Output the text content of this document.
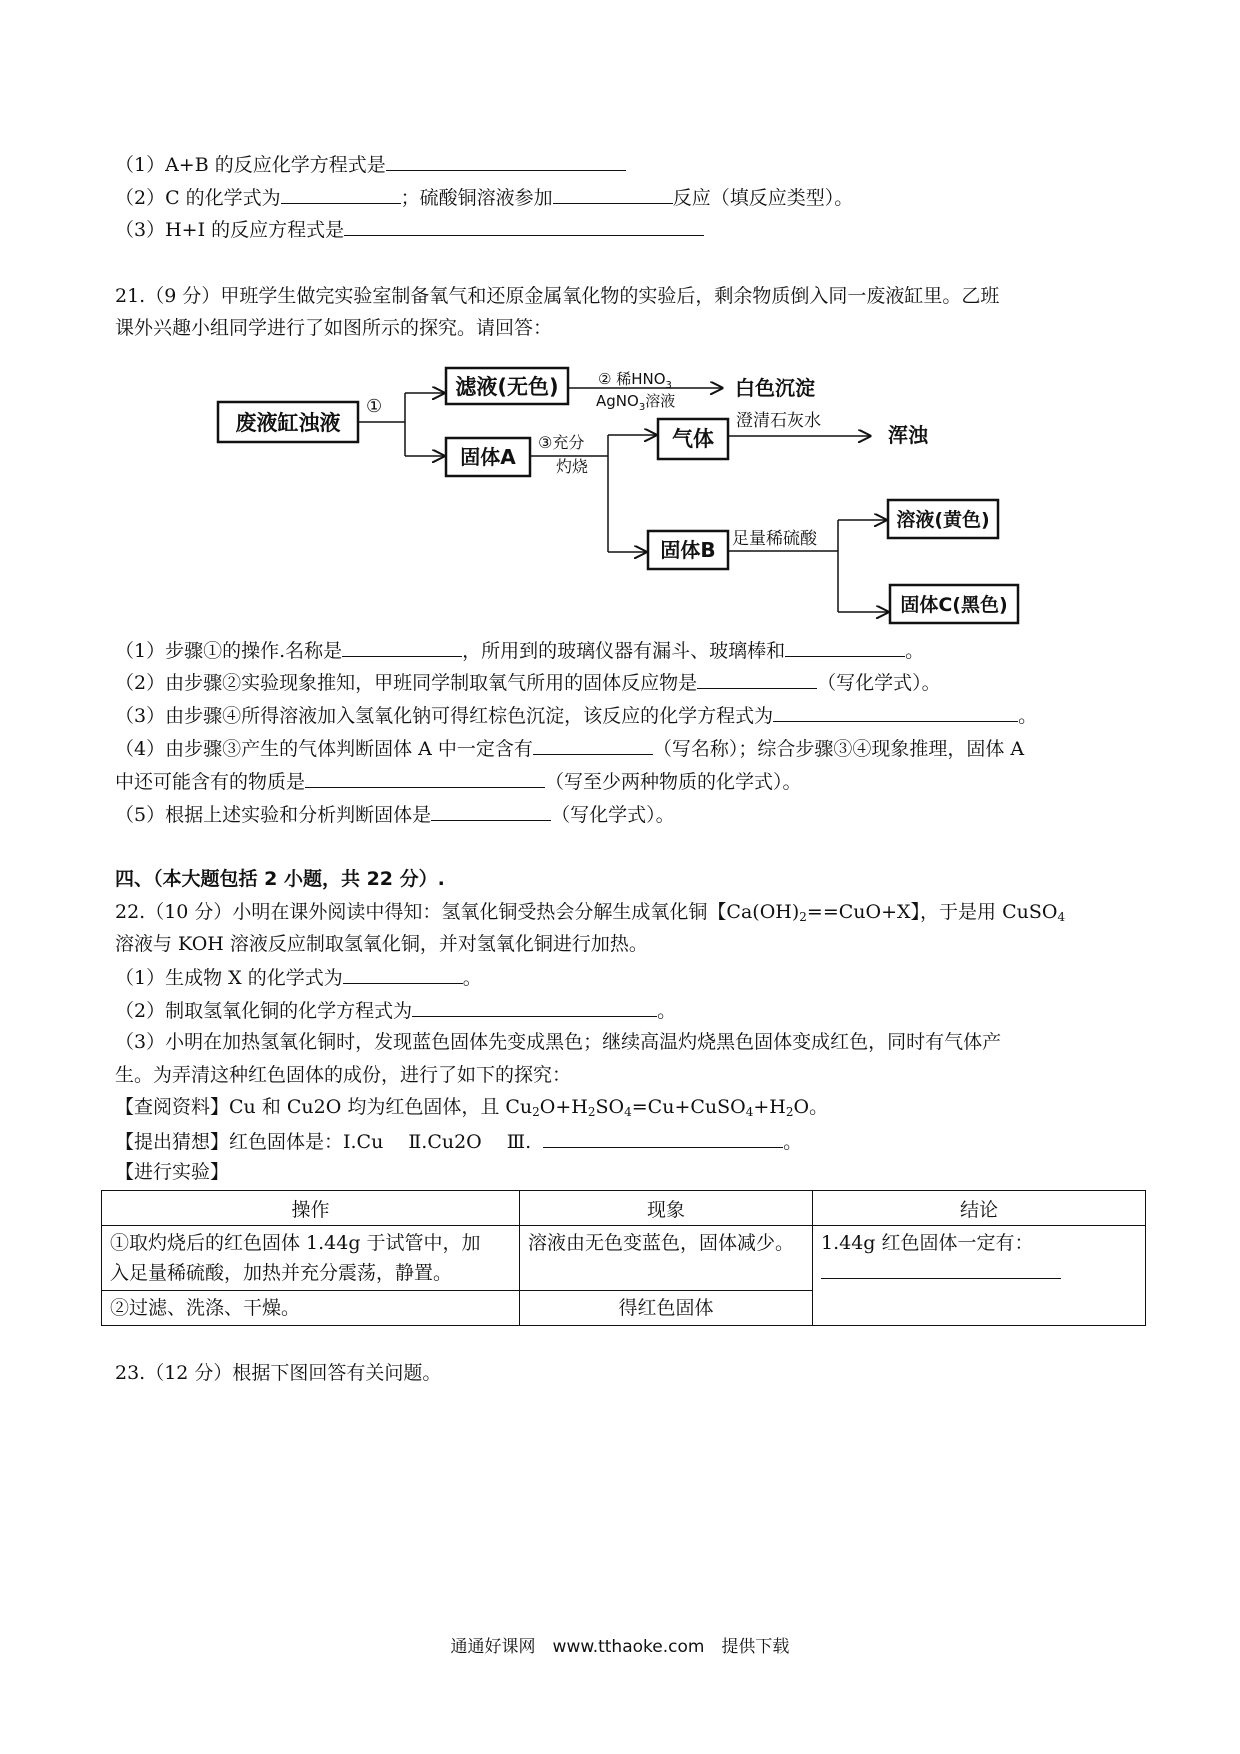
（1）A+B 的反应化学方程式是
（2）C 的化学式为	；硫酸铜溶液参加	反应（填反应类型）。
（3）H+I 的反应方程式是
21.（9 分）甲班学生做完实验室制备氧气和还原金属氧化物的实验后，剩余物质倒入同一废液缸里。乙班
课外兴趣小组同学进行了如图所示的探究。请回答：
废液缸浊液
①
滤液(无色)	② 稀$HNO_3$
AgNO$_3$溶液
白色沉淀
固体A
③充分
灼烧
气体
澄清石灰水
浑浊
固体B 足量稀硫酸
溶液(黄色)
固体C(黑色)
（1）步骤①的操作.名称是	，所用到的玻璃仪器有漏斗、玻璃棒和	。
（2）由步骤②实验现象推知，甲班同学制取氧气所用的固体反应物是	（写化学式）。
（3）由步骤④所得溶液加入氢氧化钠可得红棕色沉淀，该反应的化学方程式为	。
（4）由步骤③产生的气体判断固体 A 中一定含有	（写名称）；综合步骤③④现象推理，固体 A
中还可能含有的物质是	（写至少两种物质的化学式）。
（5）根据上述实验和分析判断固体是	（写化学式）。
四、（本大题包括 2 小题，共 22 分）.
22.（10 分）小明在课外阅读中得知：氢氧化铜受热会分解生成氧化铜【$Ca(OH)_2==CuO+X$】，于是用 CuSO$_4$
溶液与 KOH 溶液反应制取氢氧化铜，并对氢氧化铜进行加热。
（1）生成物 X 的化学式为	。
（2）制取氢氧化铜的化学方程式为	。
（3）小明在加热氢氧化铜时，发现蓝色固体先变成黑色；继续高温灼烧黑色固体变成红色，同时有气体产
生。为弄清这种红色固体的成份，进行了如下的探究：
【查阅资料】Cu 和 Cu2O 均为红色固体，且 $Cu_2O+H_2SO_4=Cu+CuSO_4+H_2O$。
【提出猜想】红色固体是：Ⅰ.Cu　 Ⅱ.Cu2O　 Ⅲ.	。
【进行实验】
操作	现象	结论

①取灼烧后的红色固体 1.44g 于试管中，加
入足量稀硫酸，加热并充分震荡，静置。	溶液由无色变蓝色，固体减少。	1.44g 红色固体一定有：

②过滤、洗涤、干燥。	得红色固体	
23.（12 分）根据下图回答有关问题。
通通好课网　www.tthaoke.com　提供下载
